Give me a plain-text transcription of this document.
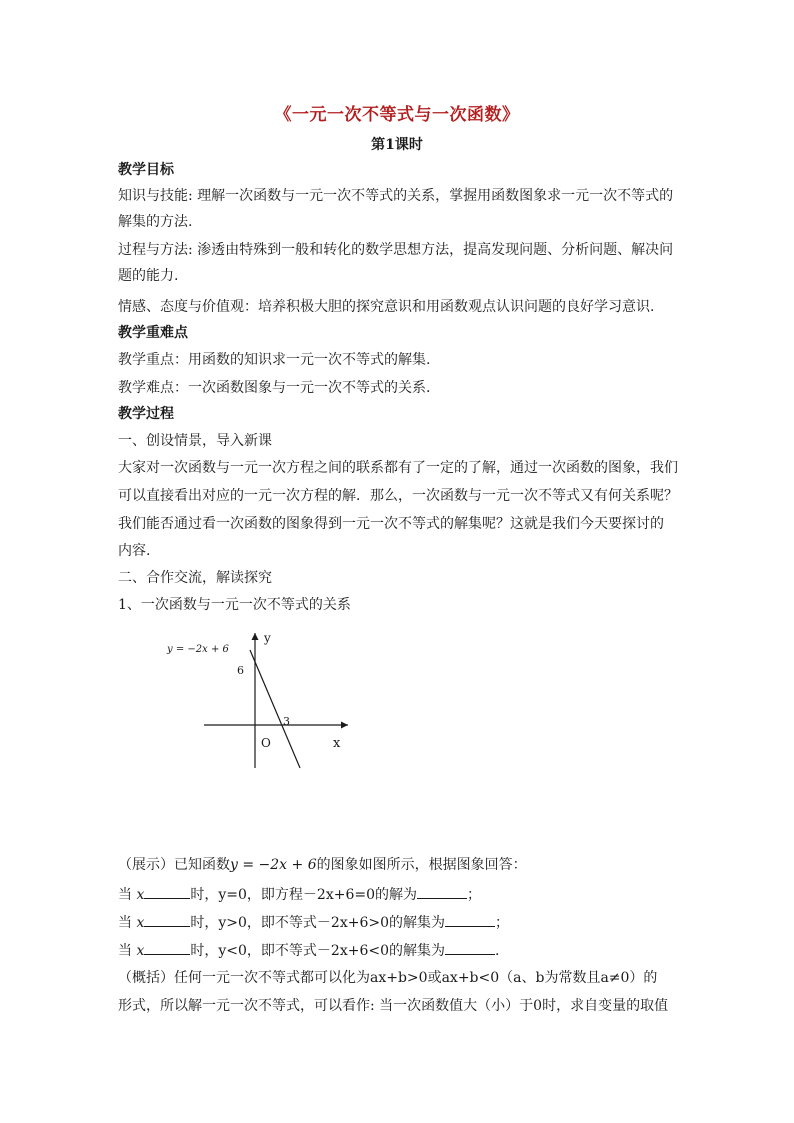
《一元一次不等式与一次函数》
第1课时
教学目标
知识与技能: 理解一次函数与一元一次不等式的关系，掌握用函数图象求一元一次不等式的
解集的方法.
过程与方法: 渗透由特殊到一般和转化的数学思想方法，提高发现问题、分析问题、解决问
题的能力.
情感、态度与价值观：培养积极大胆的探究意识和用函数观点认识问题的良好学习意识.
教学重难点
教学重点：用函数的知识求一元一次不等式的解集.
教学难点：一次函数图象与一元一次不等式的关系.
教学过程
一、创设情景，导入新课
大家对一次函数与一元一次方程之间的联系都有了一定的了解，通过一次函数的图象，我们
可以直接看出对应的一元一次方程的解．那么，一次函数与一元一次不等式又有何关系呢？
我们能否通过看一次函数的图象得到一元一次不等式的解集呢？这就是我们今天要探讨的
内容.
二、合作交流，解读探究
1、一次函数与一元一次不等式的关系
y = −2x + 6
y
6
3
O	x
（展示）已知函数y = −2x + 6的图象如图所示，根据图象回答：
当 x	时，y=0，即方程－2x+6=0的解为	；
当 x	时，y>0，即不等式－2x+6>0的解集为	；
当 x	时，y<0，即不等式－2x+6<0的解集为	.
（概括）任何一元一次不等式都可以化为ax+b>0或ax+b<0（a、b为常数且a≠0）的
形式，所以解一元一次不等式，可以看作: 当一次函数值大（小）于0时，求自变量的取值
